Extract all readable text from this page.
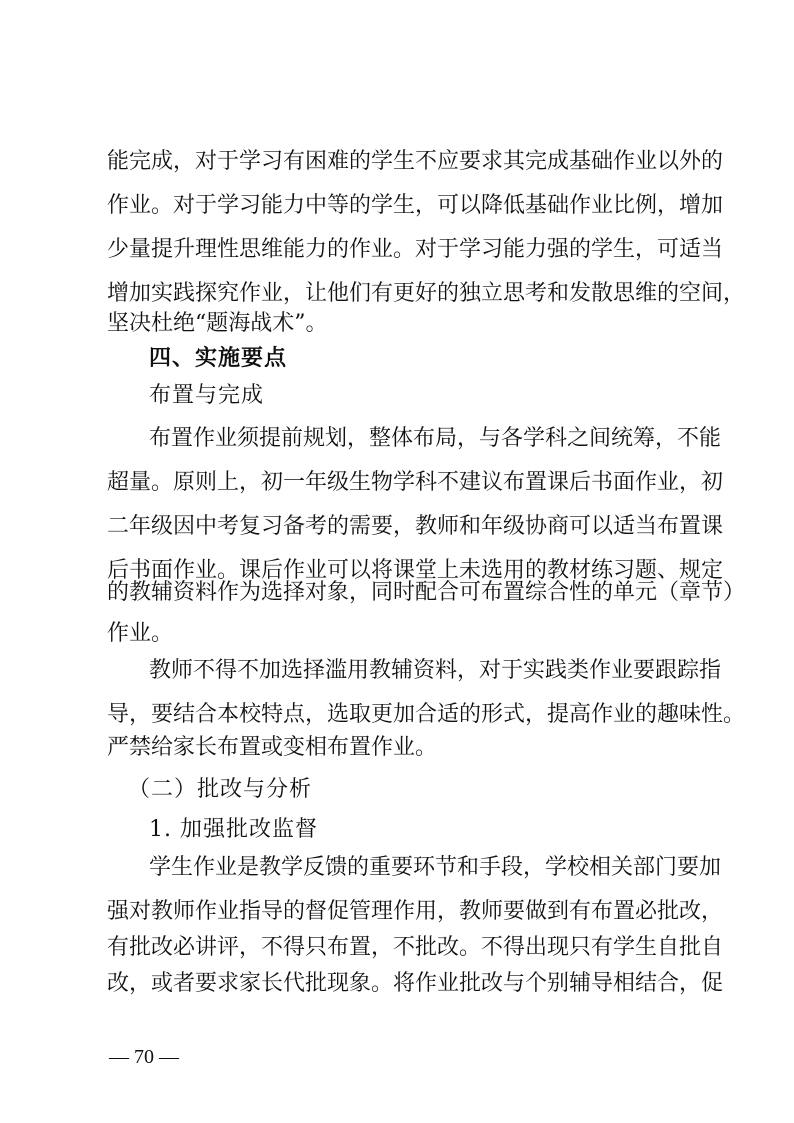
能完成，对于学习有困难的学生不应要求其完成基础作业以外的
作业。对于学习能力中等的学生，可以降低基础作业比例，增加
少量提升理性思维能力的作业。对于学习能力强的学生，可适当
增加实践探究作业，让他们有更好的独立思考和发散思维的空间，
坚决杜绝“题海战术”。
四、实施要点
布置与完成
布置作业须提前规划，整体布局，与各学科之间统筹，不能
超量。原则上，初一年级生物学科不建议布置课后书面作业，初
二年级因中考复习备考的需要，教师和年级协商可以适当布置课
后书面作业。课后作业可以将课堂上未选用的教材练习题、规定
的教辅资料作为选择对象，同时配合可布置综合性的单元（章节）
作业。
教师不得不加选择滥用教辅资料，对于实践类作业要跟踪指
导，要结合本校特点，选取更加合适的形式，提高作业的趣味性。
严禁给家长布置或变相布置作业。
（二）批改与分析
1. 加强批改监督
学生作业是教学反馈的重要环节和手段，学校相关部门要加
强对教师作业指导的督促管理作用，教师要做到有布置必批改，
有批改必讲评，不得只布置，不批改。不得出现只有学生自批自
改，或者要求家长代批现象。将作业批改与个别辅导相结合，促
— 70 —
